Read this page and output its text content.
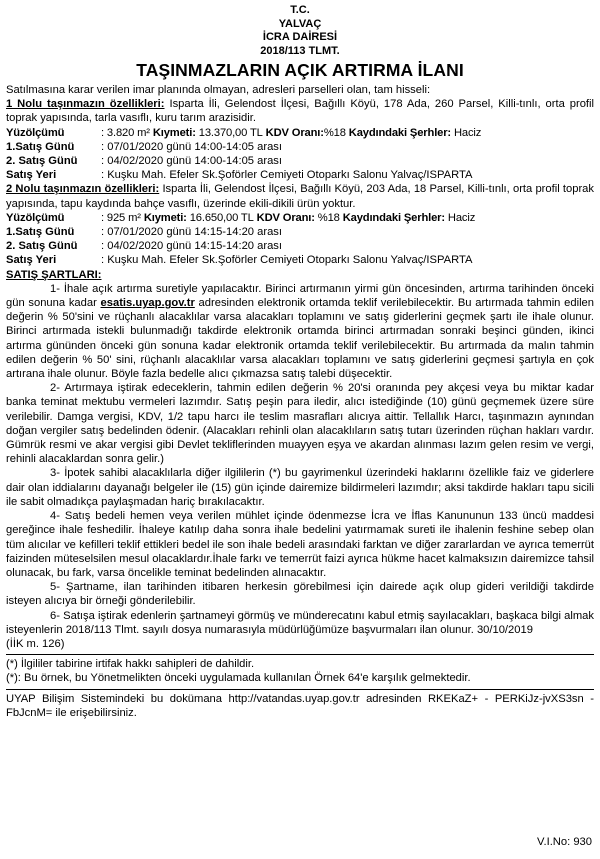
T.C.
YALVAÇ
İCRA DAİRESİ
2018/113 TLMT.
TAŞINMAZLARIN AÇIK ARTIRMA İLANI

Satılmasına karar verilen imar planında olmayan, adresleri parselleri olan, tam hisseli:

1 Nolu taşınmazın özellikleri: Isparta İli, Gelendost İlçesi, Bağıllı Köyü, 178 Ada, 260 Parsel, Killi-tınlı, orta profil toprak yapısında, tarla vasıflı, kuru tarım arazisidir.

Yüzölçümü	: 3.820 m²
Kıymeti:
13.370,00 TL
KDV Oranı: %18
Kaydındaki Şerhler:
Haciz
1.Satış Günü	: 07/01/2020 günü 14:00-14:05 arası
2. Satış Günü	: 04/02/2020 günü 14:00-14:05 arası
Satış Yeri	: Kuşku Mah. Efeler Sk.Şoförler Cemiyeti Otoparkı Salonu Yalvaç/ISPARTA

2 Nolu taşınmazın özellikleri: Isparta İli, Gelendost İlçesi, Bağıllı Köyü, 203 Ada, 18 Parsel, Killi-tınlı, orta profil toprak yapısında, tapu kaydında bahçe vasıflı, üzerinde ekili-dikili ürün yoktur.

Yüzölçümü	: 925 m²
Kıymeti:
16.650,00 TL
KDV Oranı:
%18
Kaydındaki Şerhler:
Haciz
1.Satış Günü	: 07/01/2020 günü 14:15-14:20 arası
2. Satış Günü	: 04/02/2020 günü 14:15-14:20 arası
Satış Yeri	: Kuşku Mah. Efeler Sk.Şoförler Cemiyeti Otoparkı Salonu Yalvaç/ISPARTA
SATIŞ ŞARTLARI:

1- İhale açık artırma suretiyle yapılacaktır. Birinci artırmanın yirmi gün öncesinden, artırma tarihinden önceki gün sonuna kadar esatis.uyap.gov.tr adresinden elektronik ortamda teklif verilebilecektir. Bu artırmada tahmin edilen değerin % 50'sini ve rüçhanlı alacaklılar varsa alacakları toplamını ve satış giderlerini geçmek şartı ile ihale olunur. Birinci artırmada istekli bulunmadığı takdirde elektronik ortamda birinci artırmadan sonraki beşinci günden, ikinci artırma gününden önceki gün sonuna kadar elektronik ortamda teklif verilebilecektir. Bu artırmada da malın tahmin edilen değerin % 50' sini, rüçhanlı alacaklılar varsa alacakları toplamını ve satış giderlerini geçmesi şartıyla en çok artırana ihale olunur. Böyle fazla bedelle alıcı çıkmazsa satış talebi düşecektir.

2- Artırmaya iştirak edeceklerin, tahmin edilen değerin % 20'si oranında pey akçesi veya bu miktar kadar banka teminat mektubu vermeleri lazımdır. Satış peşin para iledir, alıcı istediğinde (10) günü geçmemek üzere süre verilebilir. Damga vergisi, KDV, 1/2 tapu harcı ile teslim masrafları alıcıya aittir. Tellallık Harcı, taşınmazın aynından doğan vergiler satış bedelinden ödenir. (Alacakları rehinli olan alacaklıların satış tutarı üzerinden rüçhan hakları vardır. Gümrük resmi ve akar vergisi gibi Devlet tekliflerinden muayyen eşya ve akardan alınması lazım gelen resim ve vergi, rehinli alacaklardan sonra gelir.)

3- İpotek sahibi alacaklılarla diğer ilgililerin (*) bu gayrimenkul üzerindeki haklarını özellikle faiz ve giderlere dair olan iddialarını dayanağı belgeler ile (15) gün içinde dairemize bildirmeleri lazımdır; aksi takdirde hakları tapu sicili ile sabit olmadıkça paylaşmadan hariç bırakılacaktır.

4- Satış bedeli hemen veya verilen mühlet içinde ödenmezse İcra ve İflas Kanununun 133 üncü maddesi gereğince ihale feshedilir. İhaleye katılıp daha sonra ihale bedelini yatırmamak sureti ile ihalenin feshine sebep olan tüm alıcılar ve kefilleri teklif ettikleri bedel ile son ihale bedeli arasındaki farktan ve diğer zararlardan ve ayrıca temerrüt faizinden müteselsilen mesul olacaklardır.İhale farkı ve temerrüt faizi ayrıca hükme hacet kalmaksızın dairemizce tahsil olunacak, bu fark, varsa öncelikle teminat bedelinden alınacaktır.

5- Şartname, ilan tarihinden itibaren herkesin görebilmesi için dairede açık olup gideri verildiği takdirde isteyen alıcıya bir örneği gönderilebilir.

6- Satışa iştirak edenlerin şartnameyi görmüş ve münderecatını kabul etmiş sayılacakları, başkaca bilgi almak isteyenlerin 2018/113 Tlmt. sayılı dosya numarasıyla müdürlüğümüze başvurmaları ilan olunur. 30/10/2019

(İİK m. 126)
(*) İlgililer tabirine irtifak hakkı sahipleri de dahildir.
(*): Bu örnek, bu Yönetmelikten önceki uygulamada kullanılan Örnek 64'e karşılık gelmektedir.

UYAP Bilişim Sistemindeki bu dokümana http://vatandas.uyap.gov.tr adresinden RKEKaZ+ - PERKiJz-jvXS3sn - FbJcnM= ile erişebilirsiniz.

V.I.No: 930
